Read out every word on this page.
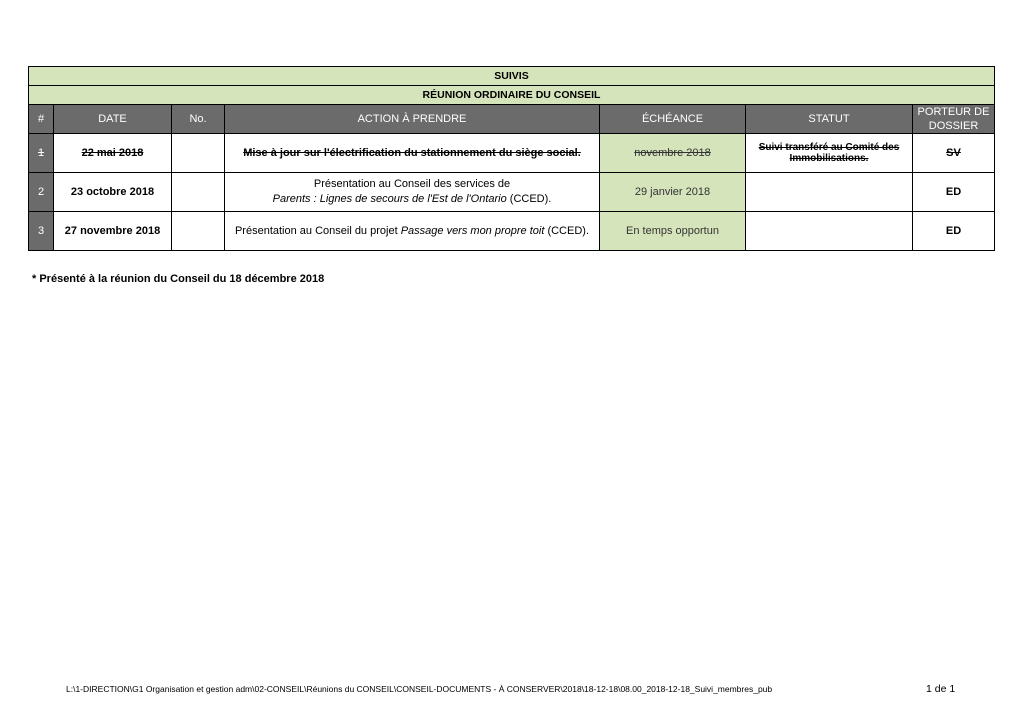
SUIVIS						
RÉUNION ORDINAIRE DU CONSEIL						
#	DATE	No.	ACTION À PRENDRE	ÉCHÉANCE	STATUT	PORTEUR DE DOSSIER
1	22 mai 2018		Mise à jour sur l'électrification du stationnement du siège social.	novembre 2018	Suivi transféré au Comité des Immobilisations.	SV
2	23 octobre 2018		Présentation au Conseil des services de
Parents : Lignes de secours de l'Est de l'Ontario (CCED).	29 janvier 2018		ED
3	27 novembre 2018		Présentation au Conseil du projet Passage vers mon propre toit (CCED).	En temps opportun		ED
* Présenté à la réunion du Conseil du 18 décembre 2018
L:\1-DIRECTION\G1 Organisation et gestion adm\02-CONSEIL\Réunions du CONSEIL\CONSEIL-DOCUMENTS - À CONSERVER\2018\18-12-18\08.00_2018-12-18_Suivi_membres_pub	1 de 1
